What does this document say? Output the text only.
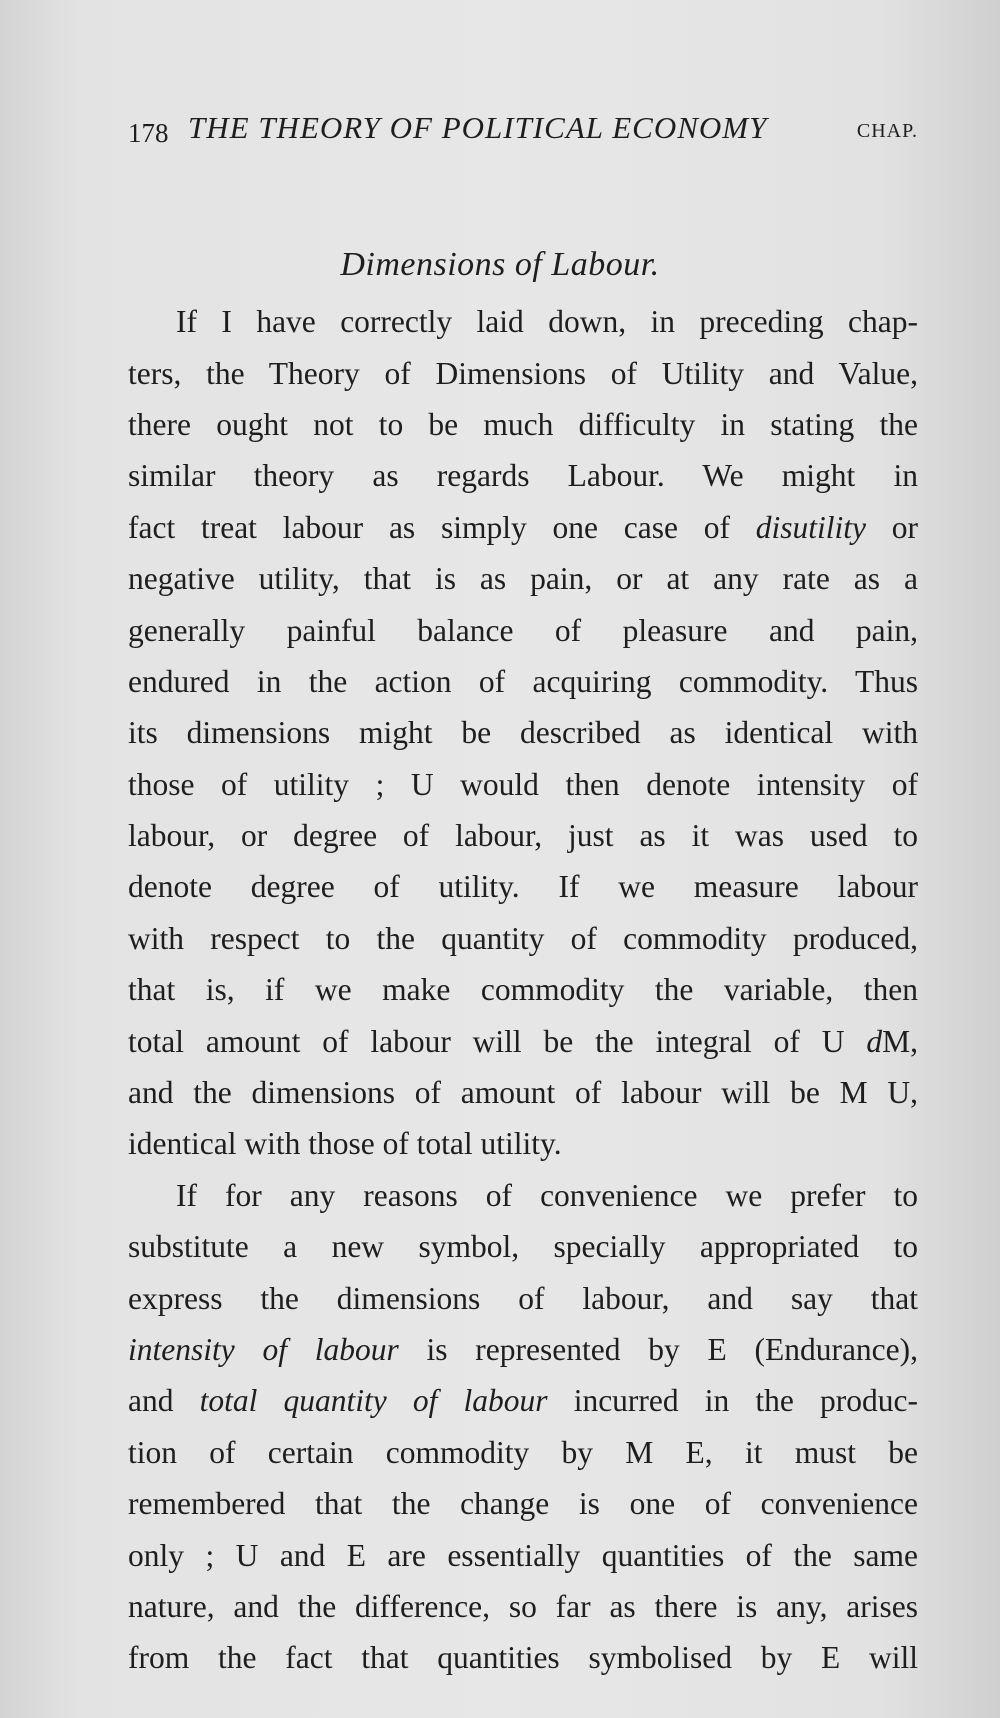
178 THE THEORY OF POLITICAL ECONOMY	CHAP.
Dimensions of Labour.
If I have correctly laid down, in preceding chap-
ters, the Theory of Dimensions of Utility and Value,
there ought not to be much difficulty in stating the
similar theory as regards Labour. We might in
fact treat labour as simply one case of disutility or
negative utility, that is as pain, or at any rate as a
generally painful balance of pleasure and pain,
endured in the action of acquiring commodity. Thus
its dimensions might be described as identical with
those of utility ; U would then denote intensity of
labour, or degree of labour, just as it was used to
denote degree of utility. If we measure labour
with respect to the quantity of commodity produced,
that is, if we make commodity the variable, then
total amount of labour will be the integral of U dM,
and the dimensions of amount of labour will be M U,
identical with those of total utility.
If for any reasons of convenience we prefer to
substitute a new symbol, specially appropriated to
express the dimensions of labour, and say that
intensity of labour is represented by E (Endurance),
and total quantity of labour incurred in the produc-
tion of certain commodity by M E, it must be
remembered that the change is one of convenience
only ; U and E are essentially quantities of the same
nature, and the difference, so far as there is any, arises
from the fact that quantities symbolised by E will
